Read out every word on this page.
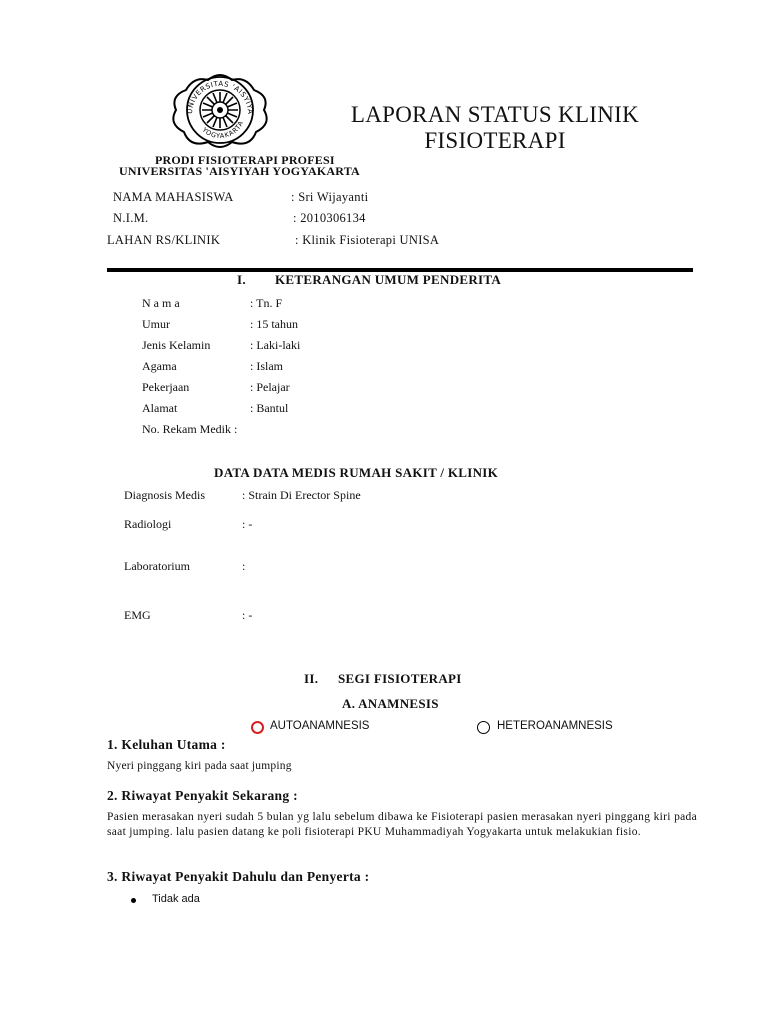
UNIVERSITAS 'AISYIYA
YOGYAKARTA	LAPORAN STATUS KLINIK
FISIOTERAPI
PRODI FISIOTERAPI PROFESI
UNIVERSITAS 'AISYIYAH YOGYAKARTA
NAMA MAHASISWA	: Sri Wijayanti
N.I.M.	: 2010306134
LAHAN RS/KLINIK	: Klinik Fisioterapi UNISA
I. KETERANGAN UMUM PENDERITA
N a m a	: Tn. F
Umur	: 15 tahun
Jenis Kelamin	: Laki-laki
Agama	: Islam
Pekerjaan	: Pelajar
Alamat	: Bantul
No. Rekam Medik :
DATA DATA MEDIS RUMAH SAKIT / KLINIK
Diagnosis Medis	: Strain Di Erector Spine
Radiologi	: -
Laboratorium	:
EMG	: -
II. SEGI FISIOTERAPI
A. ANAMNESIS
AUTOANAMNESIS	HETEROANAMNESIS
1. Keluhan Utama :
Nyeri pinggang kiri pada saat jumping
2. Riwayat Penyakit Sekarang :
Pasien merasakan nyeri sudah 5 bulan yg lalu sebelum dibawa ke Fisioterapi pasien merasakan nyeri pinggang kiri pada saat jumping. lalu pasien datang ke poli fisioterapi PKU Muhammadiyah Yogyakarta untuk melakukian fisio.
3. Riwayat Penyakit Dahulu dan Penyerta :
Tidak ada
